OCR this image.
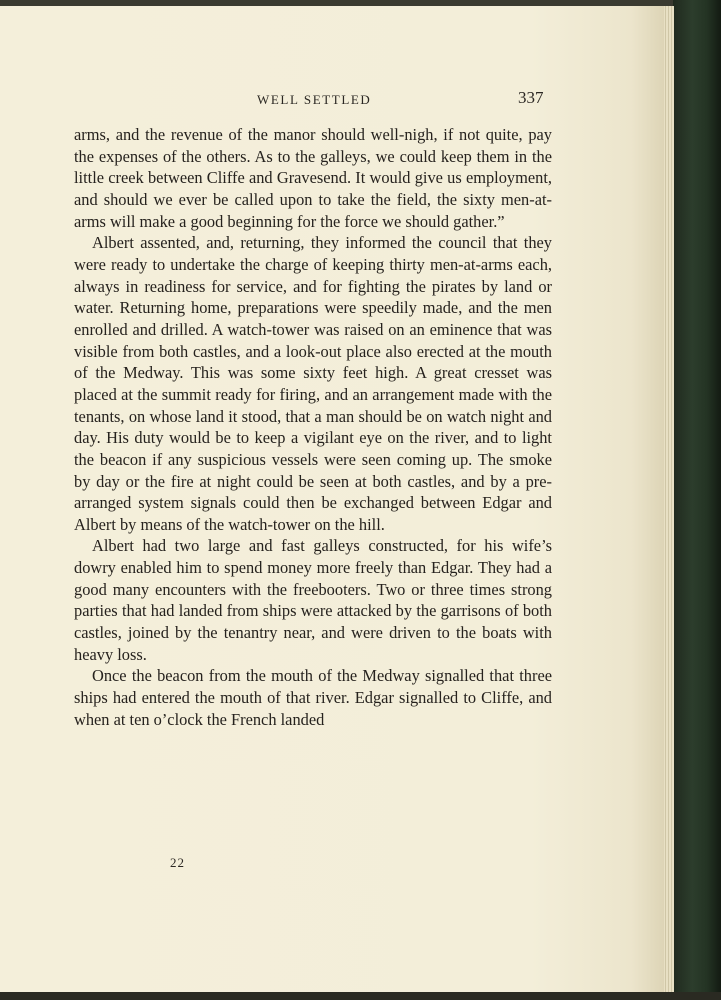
WELL SETTLED	337

arms, and the revenue of the manor should well-nigh, if not quite, pay the expenses of the others. As to the galleys, we could keep them in the little creek between Cliffe and Gravesend. It would give us employment, and should we ever be called upon to take the field, the sixty men-at-arms will make a good beginning for the force we should gather.”

Albert assented, and, returning, they informed the council that they were ready to undertake the charge of keeping thirty men-at-arms each, always in readiness for service, and for fighting the pirates by land or water. Returning home, preparations were speedily made, and the men enrolled and drilled. A watch-tower was raised on an eminence that was visible from both castles, and a look-out place also erected at the mouth of the Medway. This was some sixty feet high. A great cresset was placed at the summit ready for firing, and an arrangement made with the tenants, on whose land it stood, that a man should be on watch night and day. His duty would be to keep a vigilant eye on the river, and to light the beacon if any suspicious vessels were seen coming up. The smoke by day or the fire at night could be seen at both castles, and by a pre-arranged system signals could then be exchanged between Edgar and Albert by means of the watch-tower on the hill.

Albert had two large and fast galleys constructed, for his wife’s dowry enabled him to spend money more freely than Edgar. They had a good many encounters with the freebooters. Two or three times strong parties that had landed from ships were attacked by the garrisons of both castles, joined by the tenantry near, and were driven to the boats with heavy loss.

Once the beacon from the mouth of the Medway signalled that three ships had entered the mouth of that river. Edgar signalled to Cliffe, and when at ten o’clock the French landed

22
